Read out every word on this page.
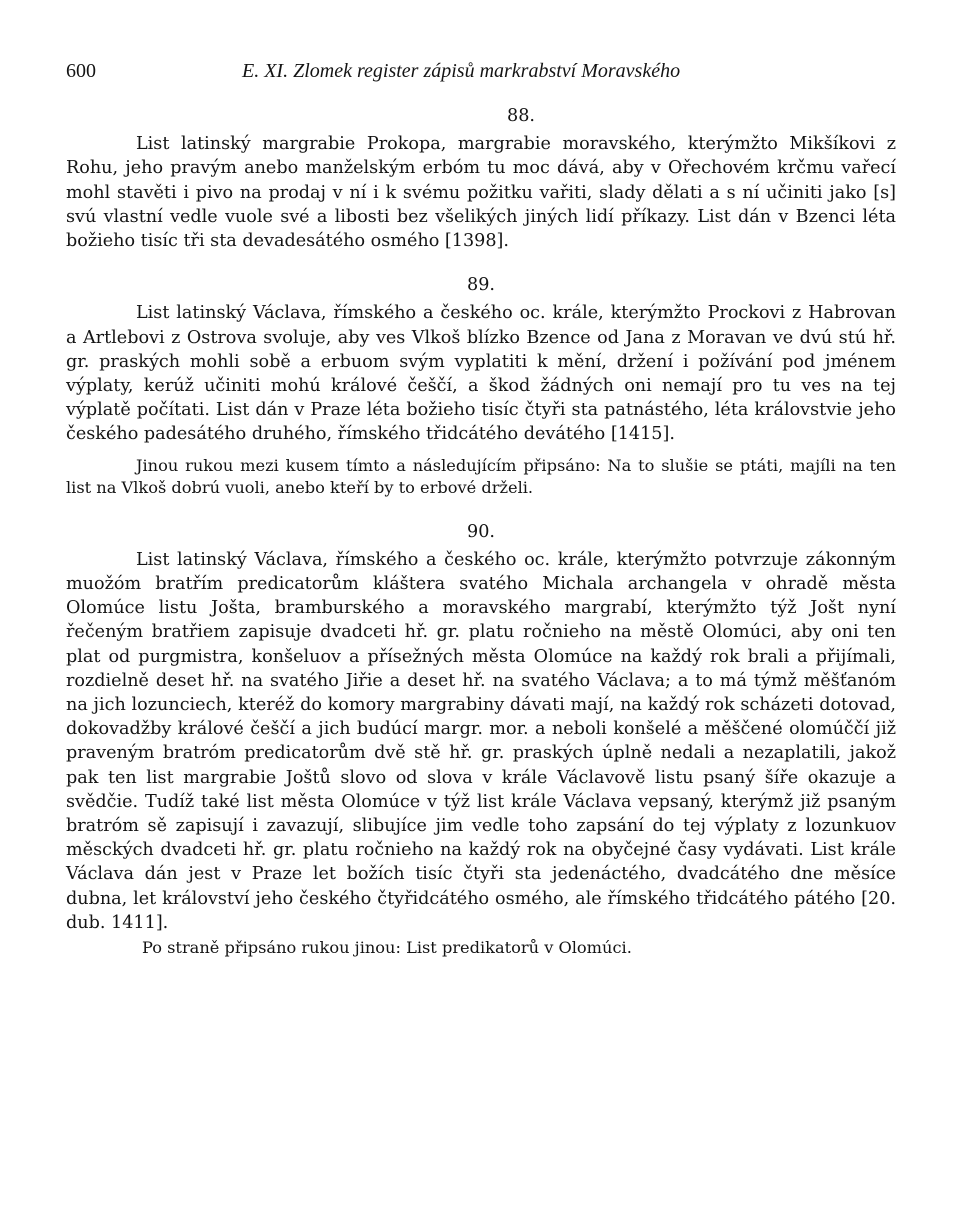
600	E. XI. Zlomek register zápisů markrabství Moravského
88.

List latinský margrabie Prokopa, margrabie moravského, kterýmžto Mikšíkovi z Rohu, jeho pravým anebo manželským erbóm tu moc dává, aby v Ořechovém krčmu vařecí mohl stavěti i pivo na prodaj v ní i k svému požitku vařiti, slady dělati a s ní učiniti jako [s] svú vlastní vedle vuole své a libosti bez všelikých jiných lidí příkazy. List dán v Bzenci léta božieho tisíc tři sta devadesátého osmého [1398].

89.

List latinský Václava, římského a českého oc. krále, kterýmžto Prockovi z Habrovan a Artlebovi z Ostrova svoluje, aby ves Vlkoš blízko Bzence od Jana z Moravan ve dvú stú hř. gr. praských mohli sobě a erbuom svým vyplatiti k mění, držení i požívání pod jménem výplaty, kerúž učiniti mohú králové češčí, a škod žádných oni nemají pro tu ves na tej výplatě počítati. List dán v Praze léta božieho tisíc čtyři sta patnástého, léta královstvie jeho českého padesátého druhého, římského třidcátého devátého [1415].

Jinou rukou mezi kusem tímto a následujícím připsáno: Na to slušie se ptáti, majíli na ten list na Vlkoš dobrú vuoli, anebo kteří by to erbové drželi.

90.

List latinský Václava, římského a českého oc. krále, kterýmžto potvrzuje zákonným muožóm bratřím predicatorům kláštera svatého Michala archangela v ohradě města Olomúce listu Jošta, bramburského a moravského margrabí, kterýmžto týž Jošt nyní řečeným bratřiem zapisuje dvadceti hř. gr. platu ročnieho na městě Olomúci, aby oni ten plat od purgmistra, konšeluov a přísežných města Olomúce na každý rok brali a přijímali, rozdielně deset hř. na svatého Jiřie a deset hř. na svatého Václava; a to má týmž měšťanóm na jich lozunciech, kteréž do komory margrabiny dávati mají, na každý rok scházeti dotovad, dokovadžby králové češčí a jich budúcí margr. mor. a neboli konšelé a měščené olomúččí již praveným bratróm predicatorům dvě stě hř. gr. praských úplně nedali a nezaplatili, jakož pak ten list margrabie Joštů slovo od slova v krále Václavově listu psaný šíře okazuje a svědčie. Tudíž také list města Olomúce v týž list krále Václava vepsaný, kterýmž již psaným bratróm sě zapisují i zavazují, slibujíce jim vedle toho zapsání do tej výplaty z lozunkuov měsckých dvadceti hř. gr. platu ročnieho na každý rok na obyčejné časy vydávati. List krále Václava dán jest v Praze let božích tisíc čtyři sta jedenáctého, dvadcátého dne měsíce dubna, let království jeho českého čtyřidcátého osmého, ale římského třidcátého pátého [20. dub. 1411].

Po straně připsáno rukou jinou: List predikatorů v Olomúci.
